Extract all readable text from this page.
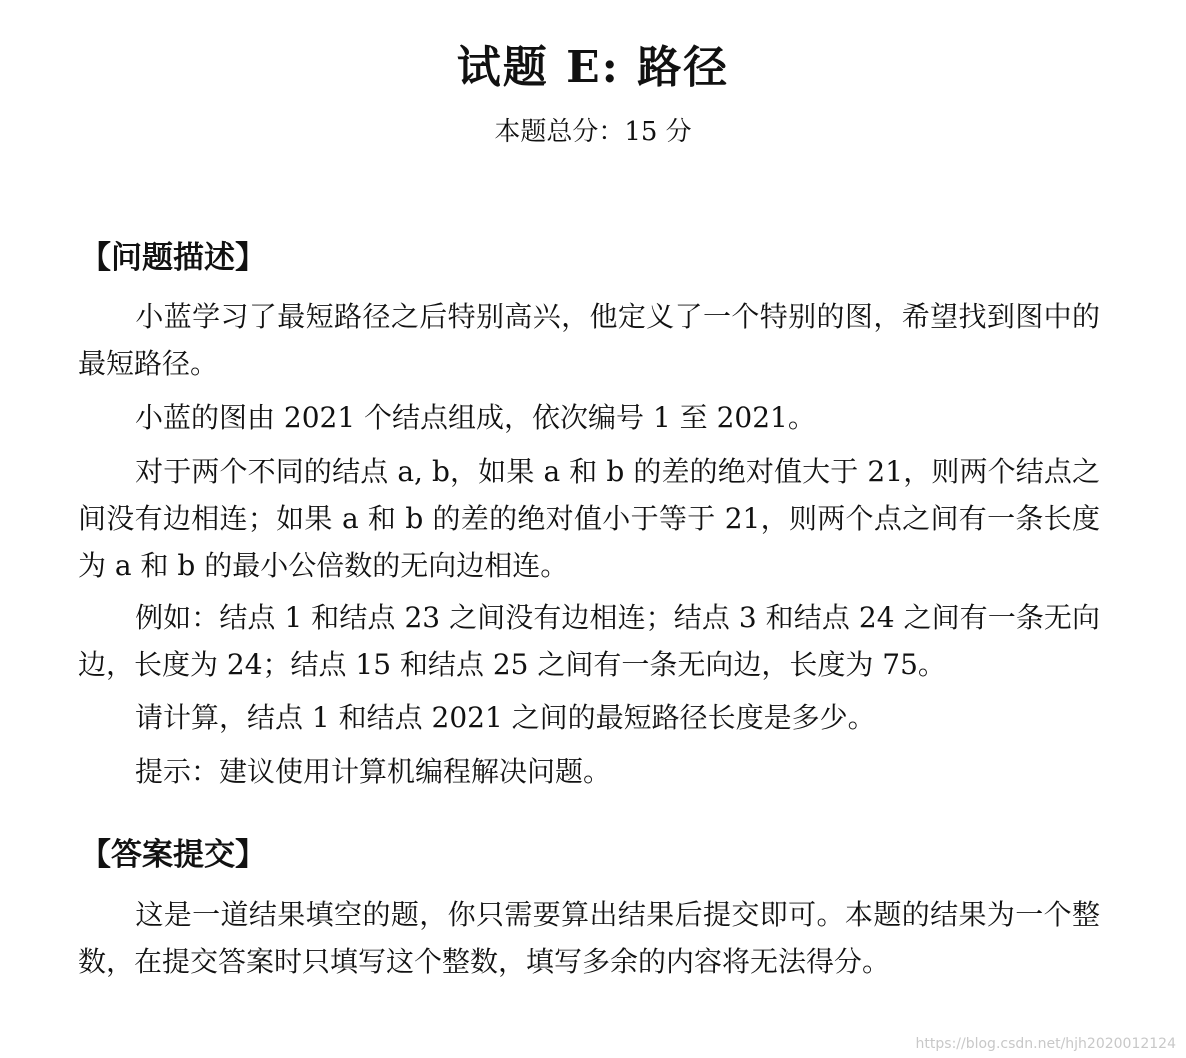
试题 E: 路径
本题总分：15 分
【问题描述】
小蓝学习了最短路径之后特别高兴，他定义了一个特别的图，希望找到图中的最短路径。
小蓝的图由 2021 个结点组成，依次编号 1 至 2021。
对于两个不同的结点 a, b，如果 a 和 b 的差的绝对值大于 21，则两个结点之间没有边相连；如果 a 和 b 的差的绝对值小于等于 21，则两个点之间有一条长度为 a 和 b 的最小公倍数的无向边相连。
例如：结点 1 和结点 23 之间没有边相连；结点 3 和结点 24 之间有一条无向边，长度为 24；结点 15 和结点 25 之间有一条无向边，长度为 75。
请计算，结点 1 和结点 2021 之间的最短路径长度是多少。
提示：建议使用计算机编程解决问题。
【答案提交】
这是一道结果填空的题，你只需要算出结果后提交即可。本题的结果为一个整数，在提交答案时只填写这个整数，填写多余的内容将无法得分。
https://blog.csdn.net/hjh2020012124
